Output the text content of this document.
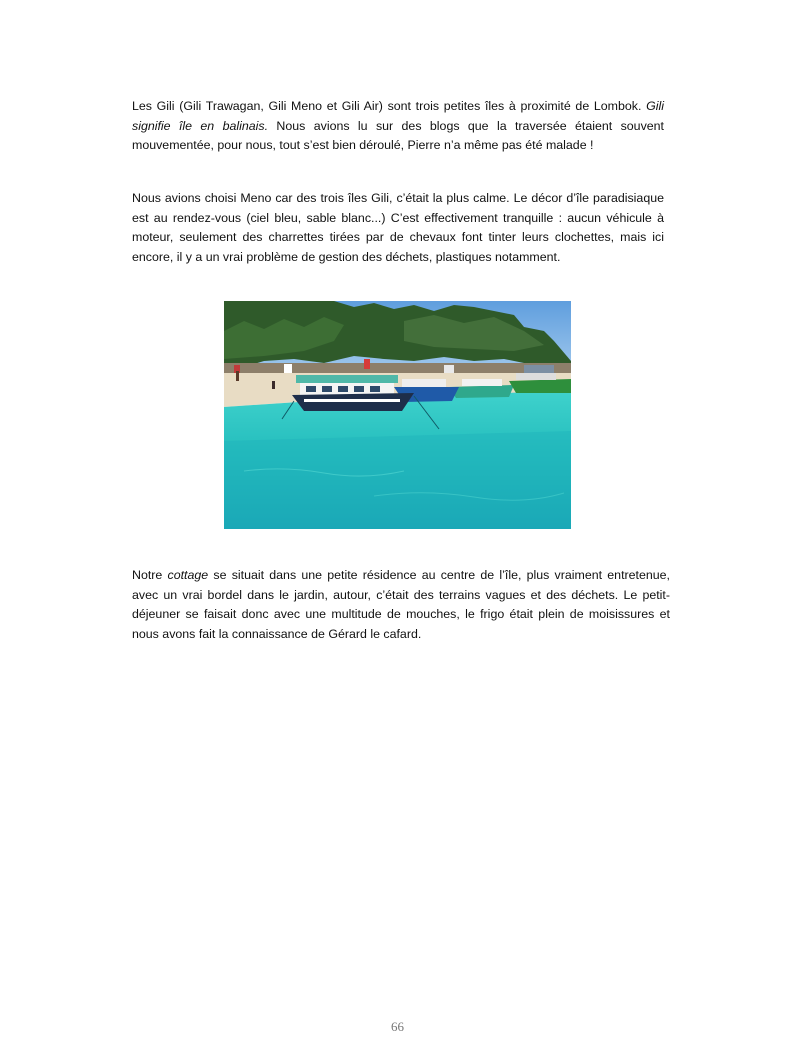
Les Gili (Gili Trawagan, Gili Meno et Gili Air) sont trois petites îles à proximité de Lombok. Gili signifie île en balinais. Nous avions lu sur des blogs que la traversée étaient souvent mouvementée, pour nous, tout s’est bien déroulé, Pierre n’a même pas été malade !

Nous avions choisi Meno car des trois îles Gili, c’était la plus calme. Le décor d’île paradisiaque est au rendez-vous (ciel bleu, sable blanc...) C’est effectivement tranquille : aucun véhicule à moteur, seulement des charrettes tirées par de chevaux font tinter leurs clochettes, mais ici encore, il y a un vrai problème de gestion des déchets, plastiques notamment.

Notre cottage se situait dans une petite résidence au centre de l’île, plus vraiment entretenue, avec un vrai bordel dans le jardin, autour, c’était des terrains vagues et des déchets. Le petit-déjeuner se faisait donc avec une multitude de mouches, le frigo était plein de moisissures et nous avons fait la connaissance de Gérard le cafard.

66
